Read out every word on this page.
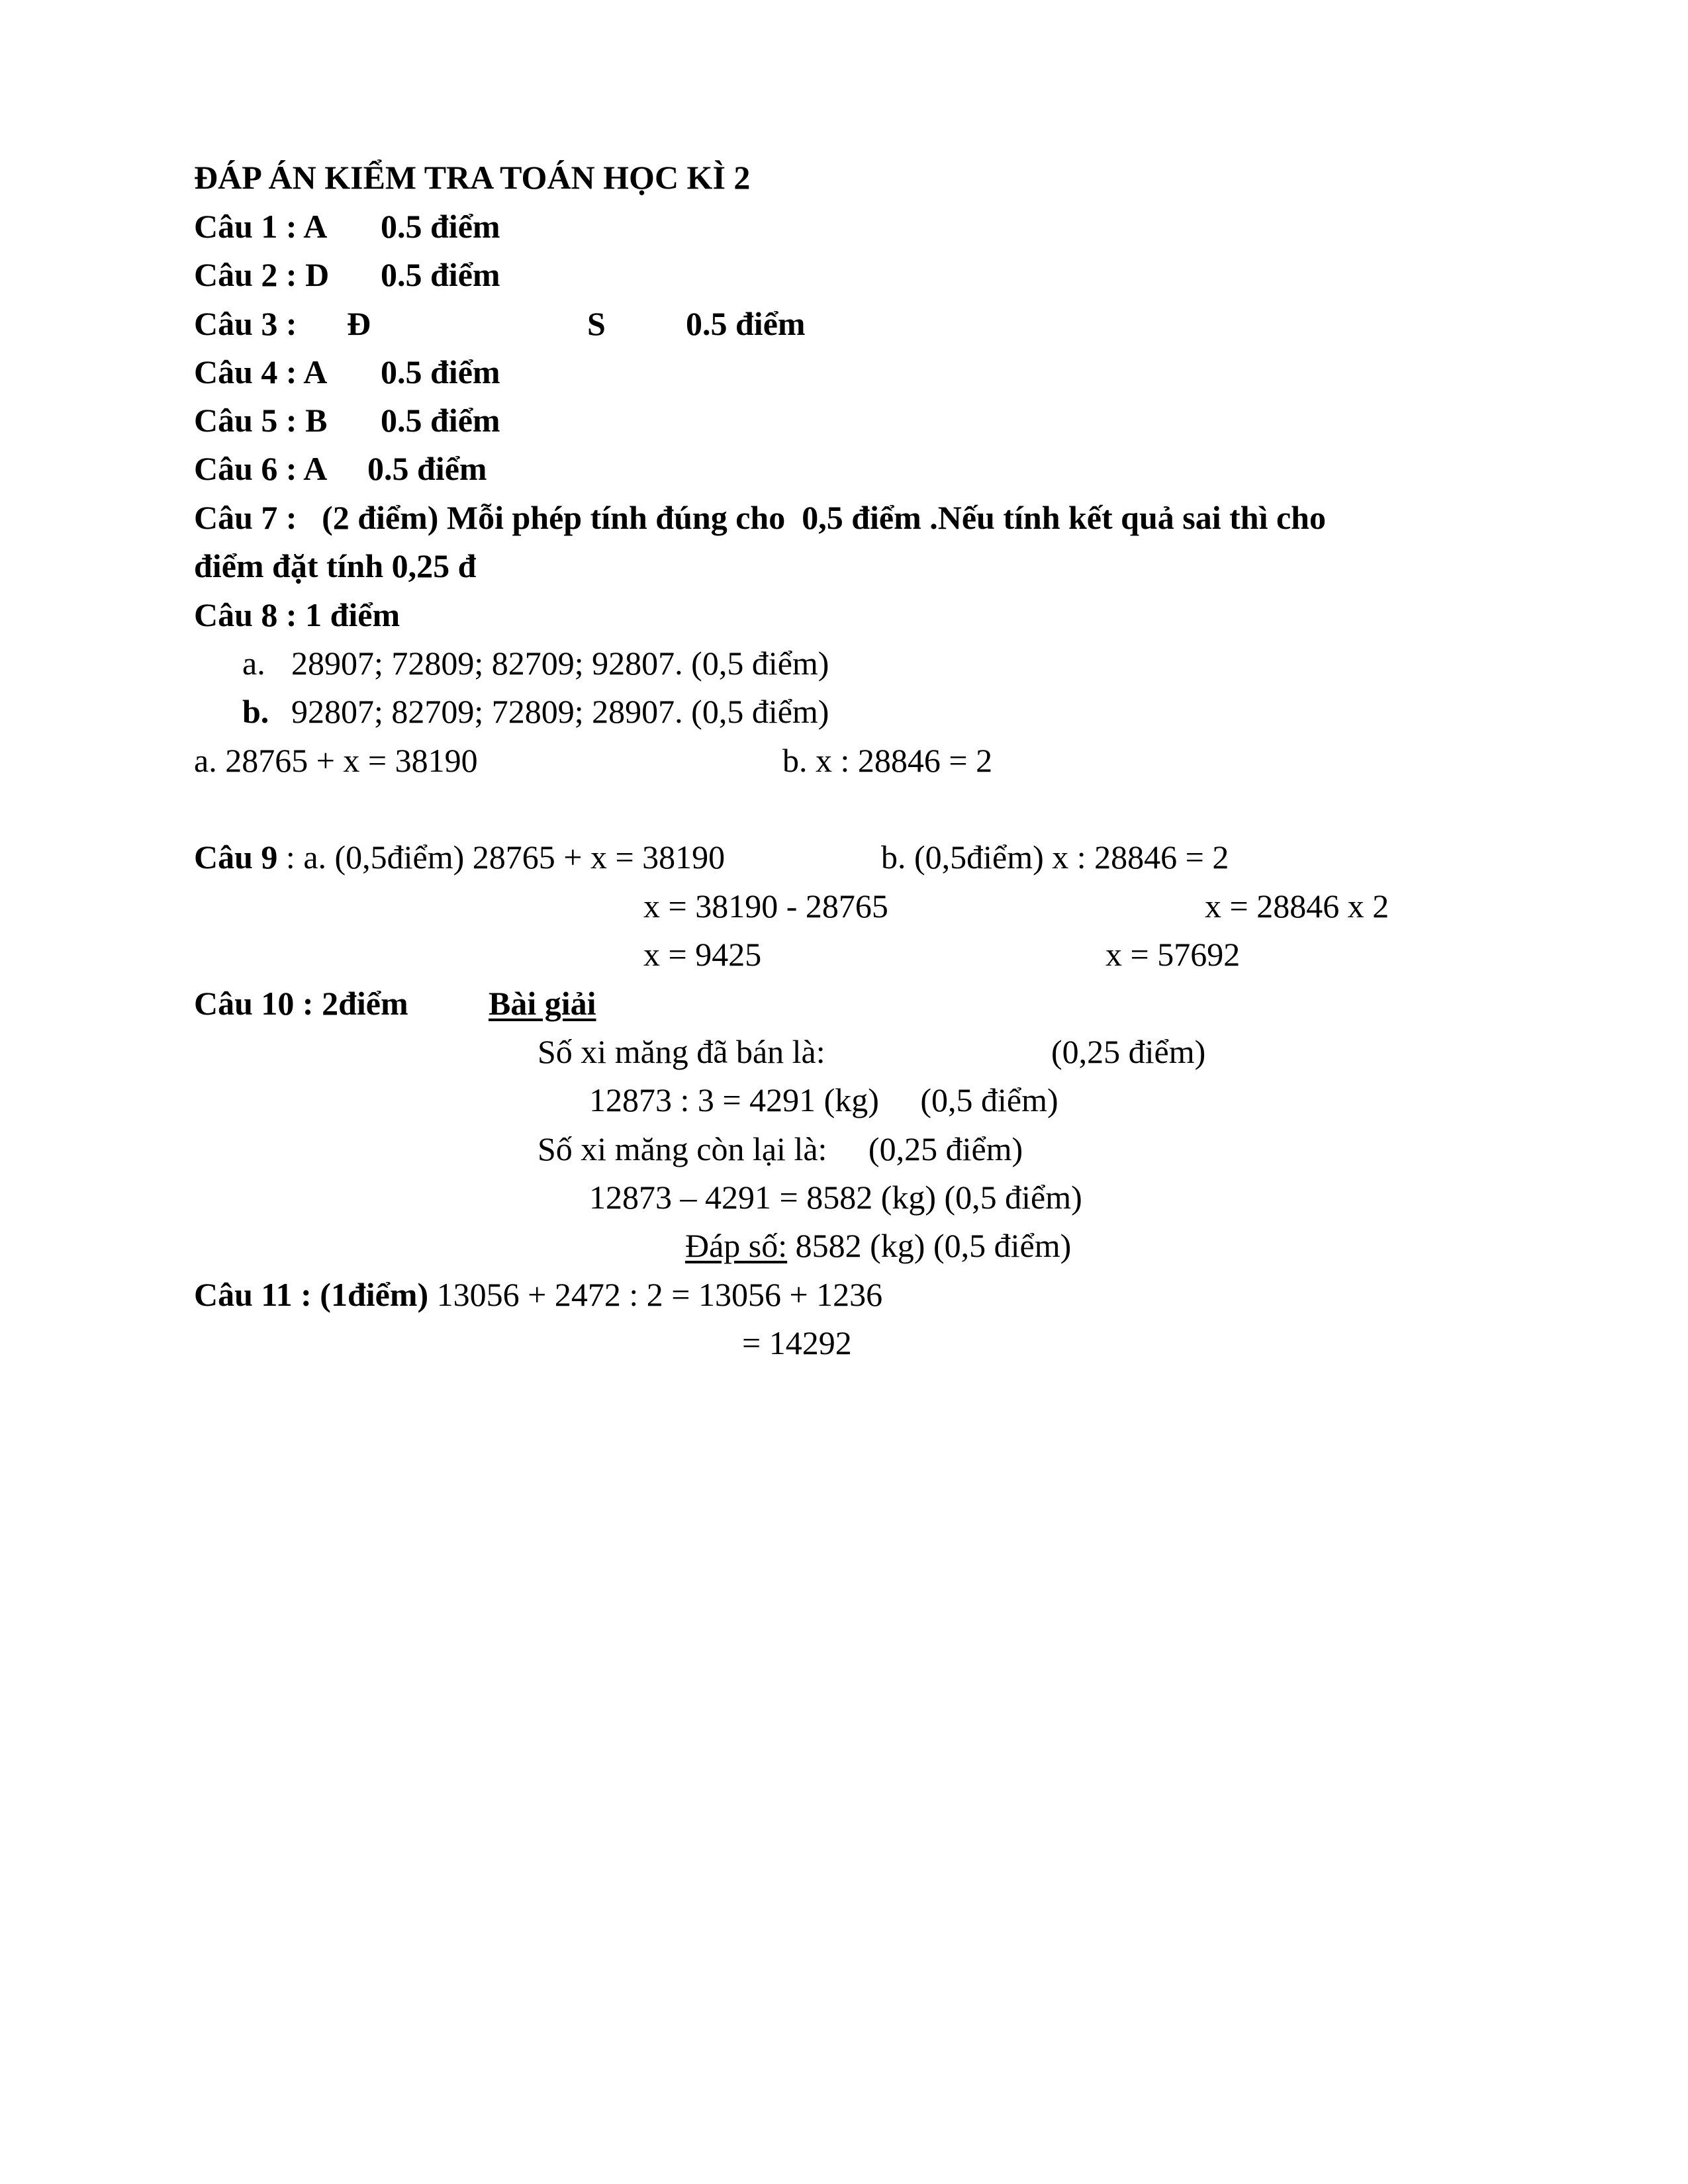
ĐÁP ÁN KIỂM TRA TOÁN HỌC KÌ 2
Câu 1 : A 0.5 điểm
Câu 2 : D 0.5 điểm
Câu 3 : Đ	S 0.5 điểm
Câu 4 : A 0.5 điểm
Câu 5 : B 0.5 điểm
Câu 6 : A 0.5 điểm
Câu 7 :   (2 điểm) Mỗi phép tính đúng cho  0,5 điểm .Nếu tính kết quả sai thì cho
điểm đặt tính 0,25 đ
Câu 8 : 1 điểm
a. 28907; 72809; 82709; 92807. (0,5 điểm)
b. 92807; 82709; 72809; 28907. (0,5 điểm)
a. 28765 + x = 38190	b. x : 28846 = 2
Câu 9 : a. (0,5điểm) 28765 + x = 38190	b. (0,5điểm) x : 28846 = 2
x = 38190 - 28765	x = 28846 x 2
x = 9425	x = 57692
Câu 10 : 2điểm Bài giải
Số xi măng đã bán là:	(0,25 điểm)
12873 : 3 = 4291 (kg)     (0,5 điểm)
Số xi măng còn lại là:     (0,25 điểm)
12873 – 4291 = 8582 (kg) (0,5 điểm)
Đáp số: 8582 (kg) (0,5 điểm)
Câu 11 : (1điểm) 13056 + 2472 : 2 = 13056 + 1236
= 14292
